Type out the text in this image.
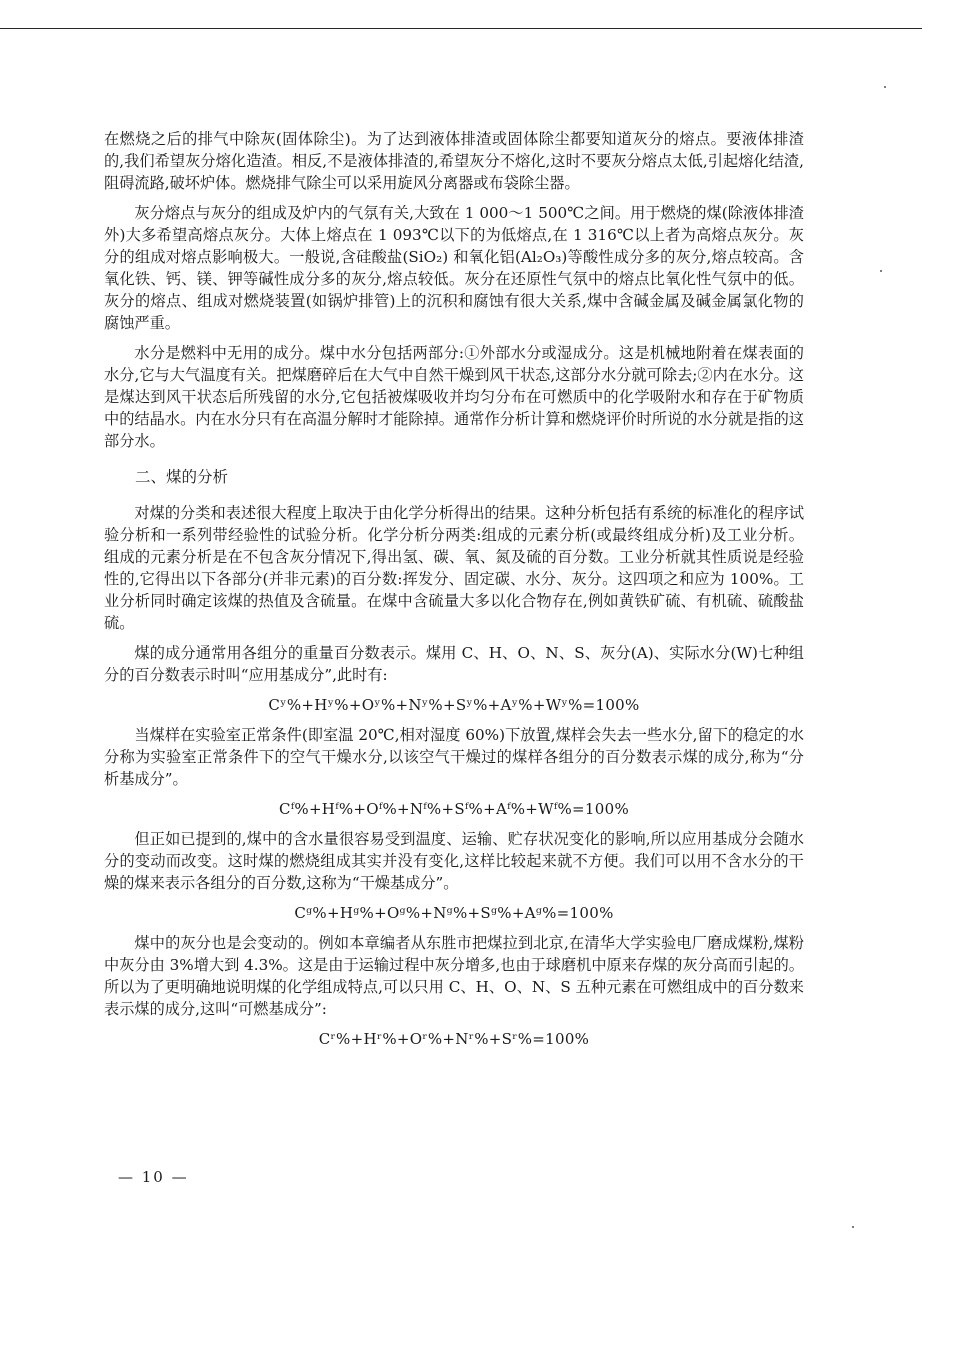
在燃烧之后的排气中除灰(固体除尘)。为了达到液体排渣或固体除尘都要知道灰分的熔点。要液体排渣的,我们希望灰分熔化造渣。相反,不是液体排渣的,希望灰分不熔化,这时不要灰分熔点太低,引起熔化结渣,阻碍流路,破坏炉体。燃烧排气除尘可以采用旋风分离器或布袋除尘器。

灰分熔点与灰分的组成及炉内的气氛有关,大致在 1 000～1 500℃之间。用于燃烧的煤(除液体排渣外)大多希望高熔点灰分。大体上熔点在 1 093℃以下的为低熔点,在 1 316℃以上者为高熔点灰分。灰分的组成对熔点影响极大。一般说,含硅酸盐(SiO₂) 和氧化铝(Al₂O₃)等酸性成分多的灰分,熔点较高。含氧化铁、钙、镁、钾等碱性成分多的灰分,熔点较低。灰分在还原性气氛中的熔点比氧化性气氛中的低。灰分的熔点、组成对燃烧装置(如锅炉排管)上的沉积和腐蚀有很大关系,煤中含碱金属及碱金属氯化物的腐蚀严重。

水分是燃料中无用的成分。煤中水分包括两部分:①外部水分或湿成分。这是机械地附着在煤表面的水分,它与大气温度有关。把煤磨碎后在大气中自然干燥到风干状态,这部分水分就可除去;②内在水分。这是煤达到风干状态后所残留的水分,它包括被煤吸收并均匀分布在可燃质中的化学吸附水和存在于矿物质中的结晶水。内在水分只有在高温分解时才能除掉。通常作分析计算和燃烧评价时所说的水分就是指的这部分水。

二、煤的分析

对煤的分类和表述很大程度上取决于由化学分析得出的结果。这种分析包括有系统的标准化的程序试验分析和一系列带经验性的试验分析。化学分析分两类:组成的元素分析(或最终组成分析)及工业分析。组成的元素分析是在不包含灰分情况下,得出氢、碳、氧、氮及硫的百分数。工业分析就其性质说是经验性的,它得出以下各部分(并非元素)的百分数:挥发分、固定碳、水分、灰分。这四项之和应为 100%。工业分析同时确定该煤的热值及含硫量。在煤中含硫量大多以化合物存在,例如黄铁矿硫、有机硫、硫酸盐硫。

煤的成分通常用各组分的重量百分数表示。煤用 C、H、O、N、S、灰分(A)、实际水分(W)七种组分的百分数表示时叫“应用基成分”,此时有:

Cʸ%+Hʸ%+Oʸ%+Nʸ%+Sʸ%+Aʸ%+Wʸ%=100%

当煤样在实验室正常条件(即室温 20℃,相对湿度 60%)下放置,煤样会失去一些水分,留下的稳定的水分称为实验室正常条件下的空气干燥水分,以该空气干燥过的煤样各组分的百分数表示煤的成分,称为“分析基成分”。

Cᶠ%+Hᶠ%+Oᶠ%+Nᶠ%+Sᶠ%+Aᶠ%+Wᶠ%=100%

但正如已提到的,煤中的含水量很容易受到温度、运输、贮存状况变化的影响,所以应用基成分会随水分的变动而改变。这时煤的燃烧组成其实并没有变化,这样比较起来就不方便。我们可以用不含水分的干燥的煤来表示各组分的百分数,这称为“干燥基成分”。

Cᵍ%+Hᵍ%+Oᵍ%+Nᵍ%+Sᵍ%+Aᵍ%=100%

煤中的灰分也是会变动的。例如本章编者从东胜市把煤拉到北京,在清华大学实验电厂磨成煤粉,煤粉中灰分由 3%增大到 4.3%。这是由于运输过程中灰分增多,也由于球磨机中原来存煤的灰分高而引起的。所以为了更明确地说明煤的化学组成特点,可以只用 C、H、O、N、S 五种元素在可燃组成中的百分数来表示煤的成分,这叫“可燃基成分”:

Cʳ%+Hʳ%+Oʳ%+Nʳ%+Sʳ%=100%
— 10 —
